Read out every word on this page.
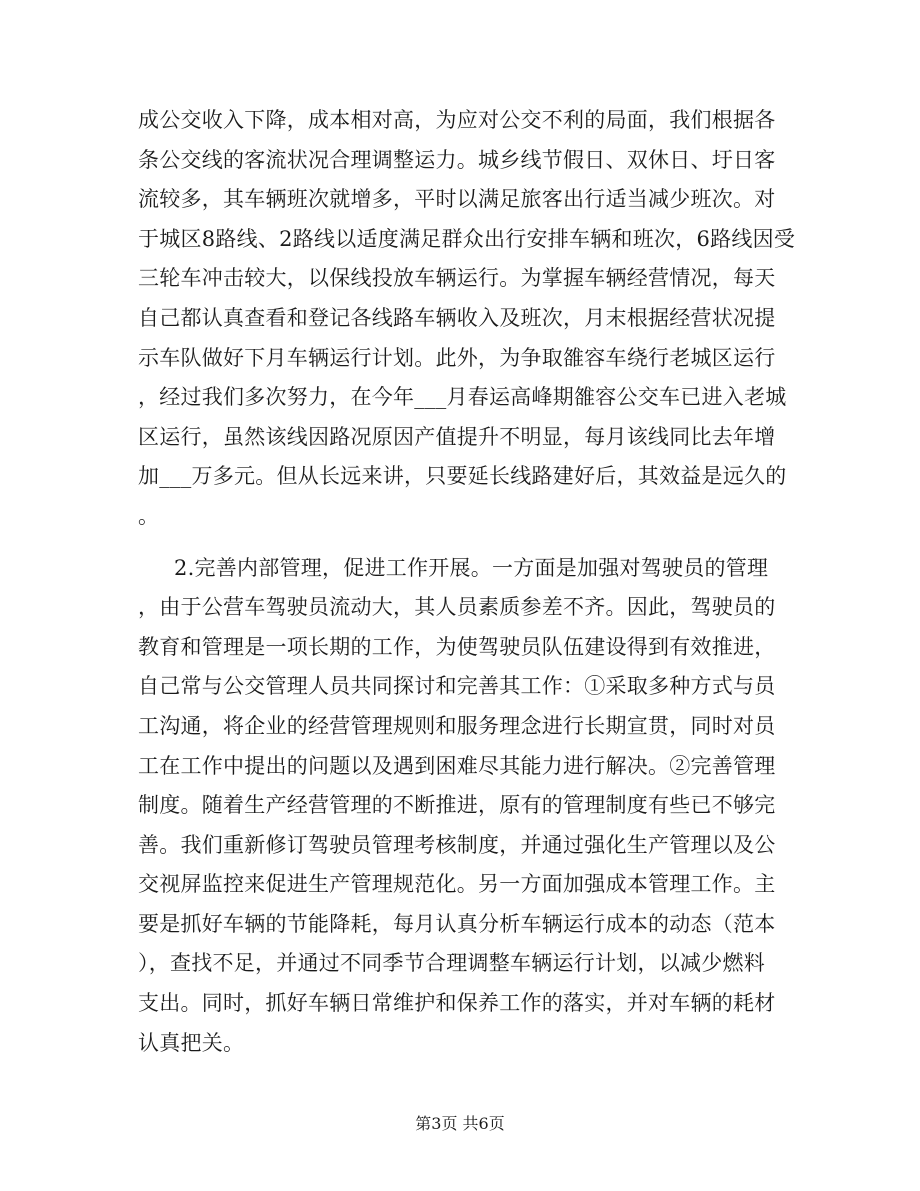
成公交收入下降，成本相对高，为应对公交不利的局面，我们根据各
条公交线的客流状况合理调整运力。城乡线节假日、双休日、圩日客
流较多，其车辆班次就增多，平时以满足旅客出行适当减少班次。对
于城区8路线、2路线以适度满足群众出行安排车辆和班次，6路线因受
三轮车冲击较大，以保线投放车辆运行。为掌握车辆经营情况，每天
自己都认真查看和登记各线路车辆收入及班次，月末根据经营状况提
示车队做好下月车辆运行计划。此外，为争取雒容车绕行老城区运行
，经过我们多次努力，在今年___月春运高峰期雒容公交车已进入老城
区运行，虽然该线因路况原因产值提升不明显，每月该线同比去年增
加___万多元。但从长远来讲，只要延长线路建好后，其效益是远久的
。
2.完善内部管理，促进工作开展。一方面是加强对驾驶员的管理
，由于公营车驾驶员流动大，其人员素质参差不齐。因此，驾驶员的
教育和管理是一项长期的工作，为使驾驶员队伍建设得到有效推进，
自己常与公交管理人员共同探讨和完善其工作：①采取多种方式与员
工沟通，将企业的经营管理规则和服务理念进行长期宣贯，同时对员
工在工作中提出的问题以及遇到困难尽其能力进行解决。②完善管理
制度。随着生产经营管理的不断推进，原有的管理制度有些已不够完
善。我们重新修订驾驶员管理考核制度，并通过强化生产管理以及公
交视屏监控来促进生产管理规范化。另一方面加强成本管理工作。主
要是抓好车辆的节能降耗，每月认真分析车辆运行成本的动态（范本
），查找不足，并通过不同季节合理调整车辆运行计划，以减少燃料
支出。同时，抓好车辆日常维护和保养工作的落实，并对车辆的耗材
认真把关。
第3页 共6页
